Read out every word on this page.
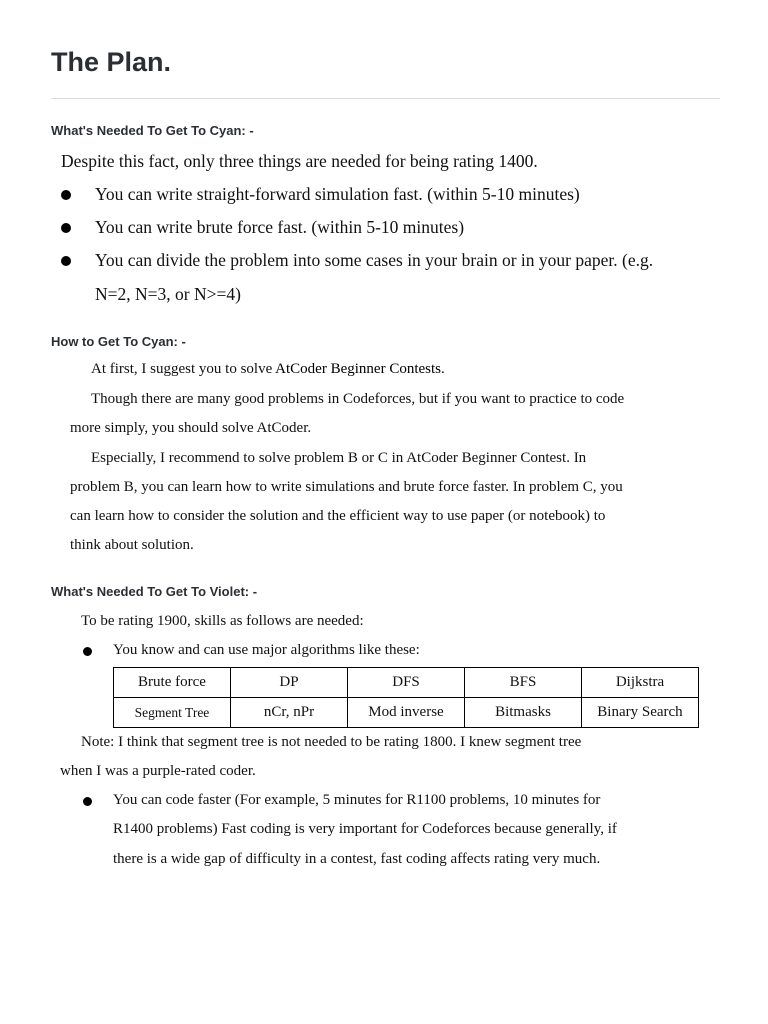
The Plan.
What's Needed To Get To Cyan: -

Despite this fact, only three things are needed for being rating 1400.

You can write straight-forward simulation fast. (within 5-10 minutes)

You can write brute force fast. (within 5-10 minutes)

You can divide the problem into some cases in your brain or in your paper. (e.g.

N=2, N=3, or N>=4)

How to Get To Cyan: -

At first, I suggest you to solve AtCoder Beginner Contests.

Though there are many good problems in Codeforces, but if you want to practice to code

more simply, you should solve AtCoder.

Especially, I recommend to solve problem B or C in AtCoder Beginner Contest. In

problem B, you can learn how to write simulations and brute force faster. In problem C, you

can learn how to consider the solution and the efficient way to use paper (or notebook) to

think about solution.

What's Needed To Get To Violet: -

To be rating 1900, skills as follows are needed:

You know and can use major algorithms like these:

Brute force	DP	DFS	BFS	Dijkstra
Segment Tree	nCr, nPr	Mod inverse	Bitmasks	Binary Search

Note: I think that segment tree is not needed to be rating 1800. I knew segment tree

when I was a purple-rated coder.

You can code faster (For example, 5 minutes for R1100 problems, 10 minutes for

R1400 problems) Fast coding is very important for Codeforces because generally, if

there is a wide gap of difficulty in a contest, fast coding affects rating very much.
